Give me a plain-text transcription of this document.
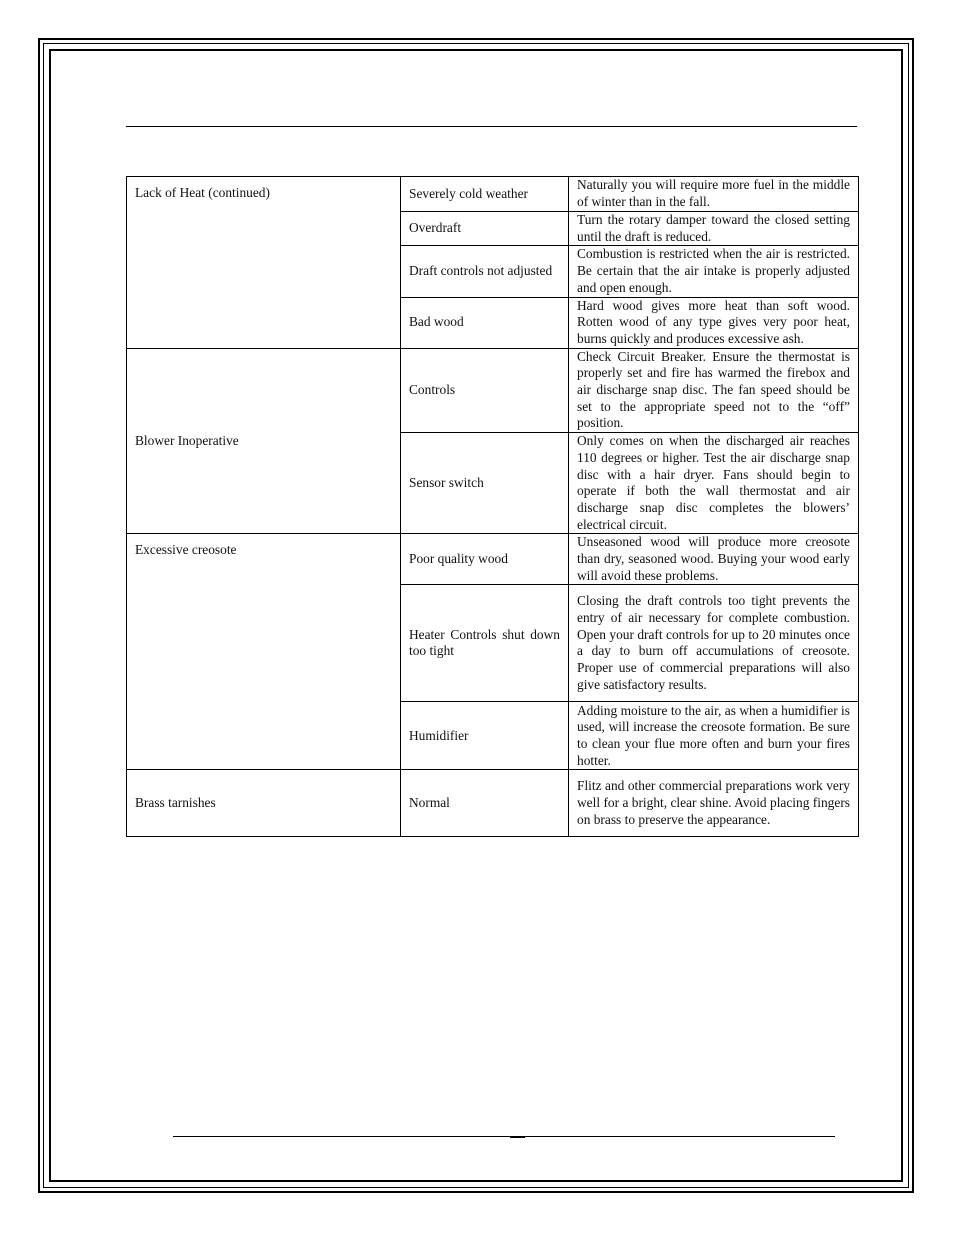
Lack of Heat (continued)	Severely cold weather	Naturally you will require more fuel in the middle of winter than in the fall.
	Overdraft	Turn the rotary damper toward the closed setting until the draft is reduced.
	Draft controls not adjusted	Combustion is restricted when the air is restricted. Be certain that the air intake is properly adjusted and open enough.
	Bad wood	Hard wood gives more heat than soft wood. Rotten wood of any type gives very poor heat, burns quickly and produces excessive ash.
Blower Inoperative	Controls	Check Circuit Breaker. Ensure the thermostat is properly set and fire has warmed the firebox and air discharge snap disc. The fan speed should be set to the appropriate speed not to the “off” position.
	Sensor switch	Only comes on when the discharged air reaches 110 degrees or higher. Test the air discharge snap disc with a hair dryer. Fans should begin to operate if both the wall thermostat and air discharge snap disc completes the blowers’ electrical circuit.
Excessive creosote	Poor quality wood	Unseasoned wood will produce more creosote than dry, seasoned wood. Buying your wood early will avoid these problems.
	Heater Controls shut down too tight	Closing the draft controls too tight prevents the entry of air necessary for complete combustion. Open your draft controls for up to 20 minutes once a day to burn off accumulations of creosote. Proper use of commercial preparations will also give satisfactory results.
	Humidifier	Adding moisture to the air, as when a humidifier is used, will increase the creosote formation. Be sure to clean your flue more often and burn your fires hotter.
Brass tarnishes	Normal	Flitz and other commercial preparations work very well for a bright, clear shine. Avoid placing fingers on brass to preserve the appearance.
